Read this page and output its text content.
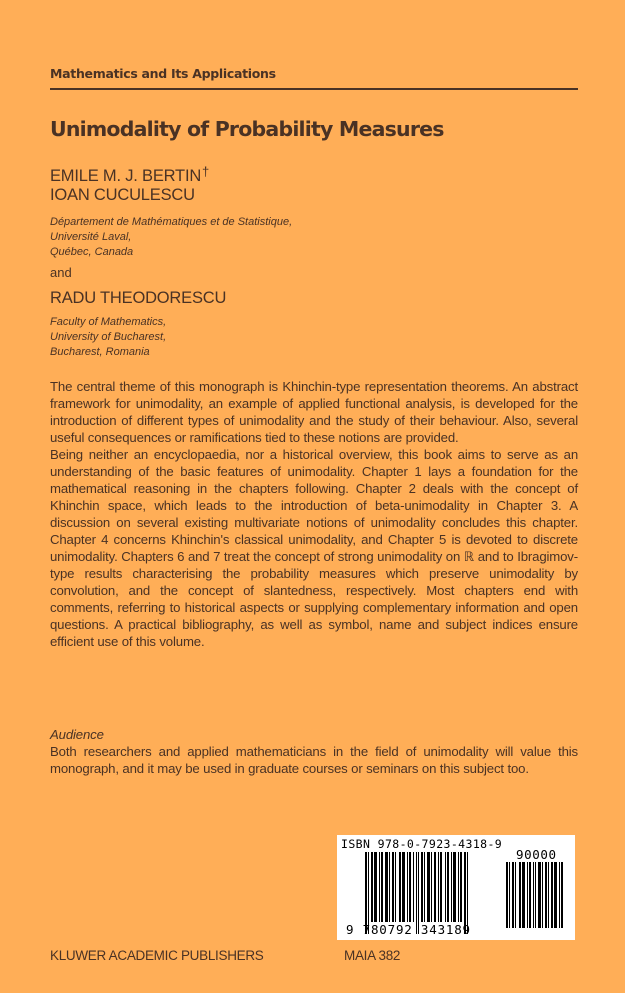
Mathematics and Its Applications
Unimodality of Probability Measures
EMILE M. J. BERTIN†
IOAN CUCULESCU
Département de Mathématiques et de Statistique,
Université Laval,
Québec, Canada
and
RADU THEODORESCU
Faculty of Mathematics,
University of Bucharest,
Bucharest, Romania

The central theme of this monograph is Khinchin-type representation theorems. An abstract framework for unimodality, an example of applied functional analysis, is developed for the introduction of different types of unimodality and the study of their behaviour. Also, several useful consequences or ramifications tied to these notions are provided.

Being neither an encyclopaedia, nor a historical overview, this book aims to serve as an understanding of the basic features of unimodality. Chapter 1 lays a foundation for the mathematical reasoning in the chapters following. Chapter 2 deals with the concept of Khinchin space, which leads to the introduction of beta-unimodality in Chapter 3. A discussion on several existing multivariate notions of unimodality concludes this chapter. Chapter 4 concerns Khinchin's classical unimodality, and Chapter 5 is devoted to discrete unimodality. Chapters 6 and 7 treat the concept of strong unimodality on ℝ and to Ibragimov-type results characterising the probability measures which preserve unimodality by convolution, and the concept of slantedness, respectively. Most chapters end with comments, referring to historical aspects or supplying complementary information and open questions. A practical bibliography, as well as symbol, name and subject indices ensure efficient use of this volume.

Audience

Both researchers and applied mathematicians in the field of unimodality will value this monograph, and it may be used in graduate courses or seminars on this subject too.

ISBN 978-0-7923-4318-9
90000
9 780792 343189
KLUWER ACADEMIC PUBLISHERS	MAIA 382
